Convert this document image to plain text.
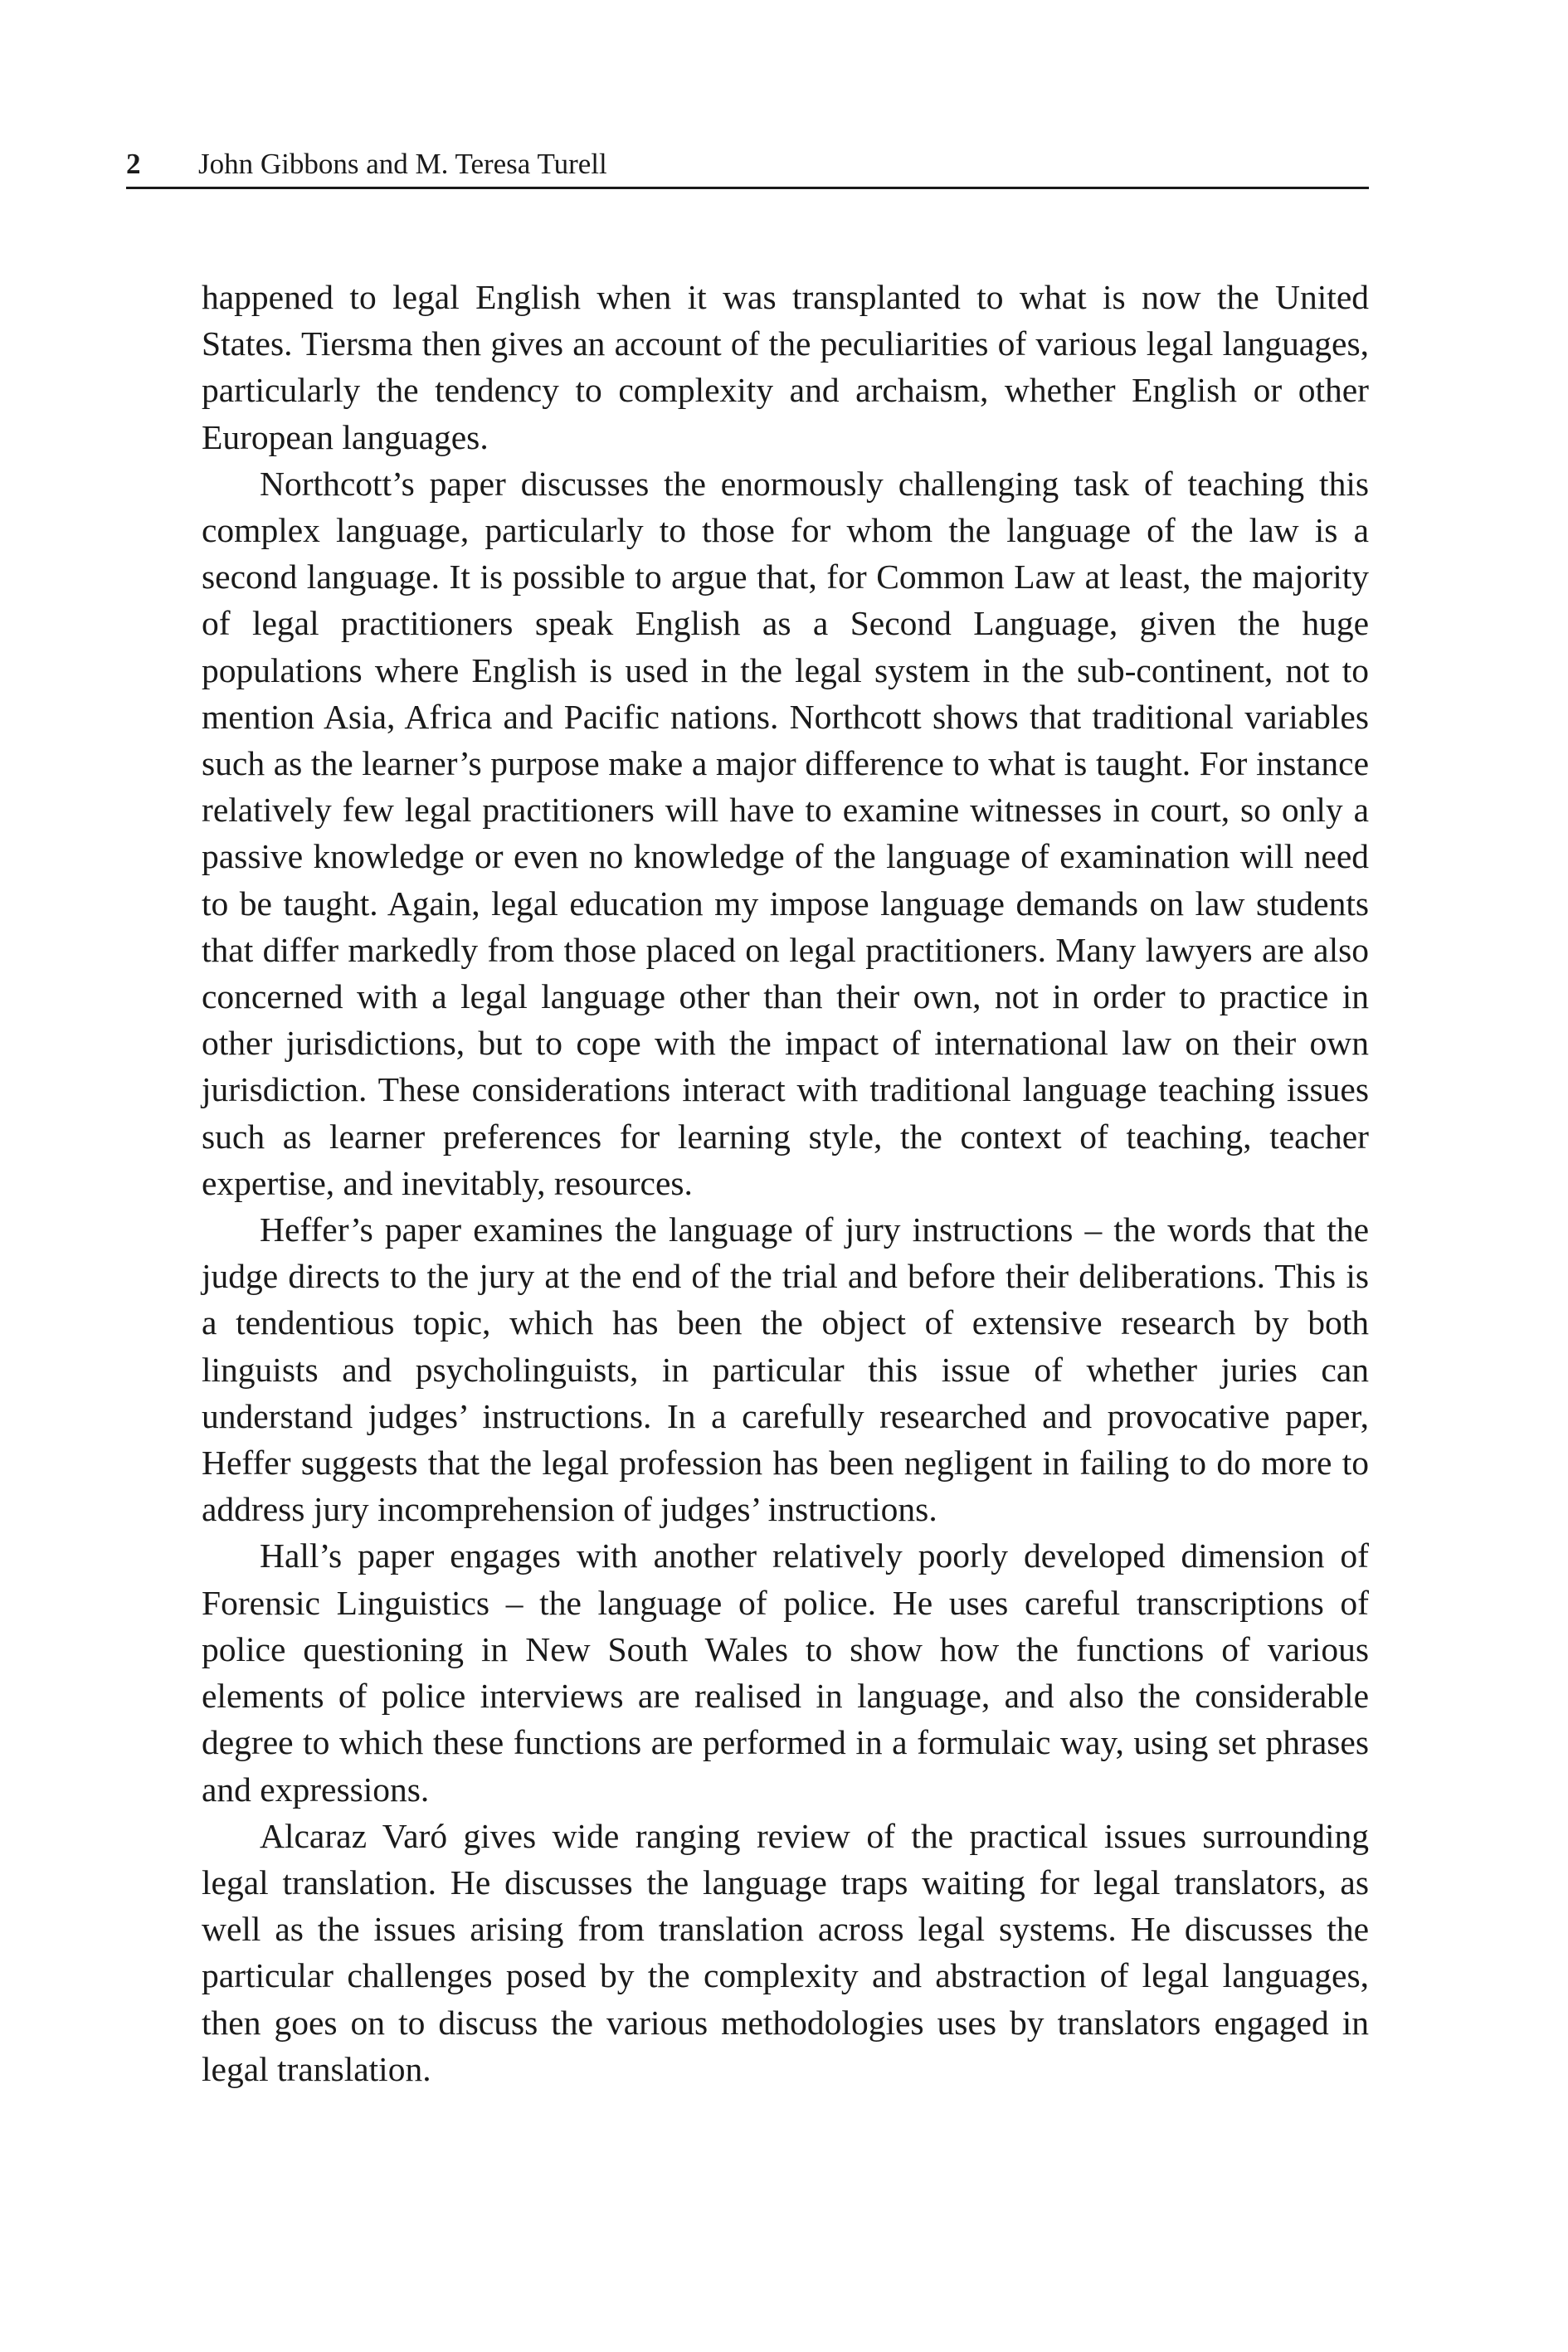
2 John Gibbons and M. Teresa Turell

happened to legal English when it was transplanted to what is now the United States. Tiersma then gives an account of the peculiarities of various legal languages, particularly the tendency to complexity and archaism, whether English or other European languages.

Northcott’s paper discusses the enormously challenging task of teaching this complex language, particularly to those for whom the language of the law is a second language. It is possible to argue that, for Common Law at least, the majority of legal practitioners speak English as a Second Language, given the huge populations where English is used in the legal system in the sub-continent, not to mention Asia, Africa and Pacific nations. Northcott shows that traditional variables such as the learner’s purpose make a major difference to what is taught. For instance relatively few legal practitioners will have to examine witnesses in court, so only a passive knowledge or even no knowledge of the language of examination will need to be taught. Again, legal education my impose language demands on law students that differ markedly from those placed on legal practitioners. Many lawyers are also concerned with a legal language other than their own, not in order to practice in other jurisdictions, but to cope with the impact of international law on their own jurisdiction. These considerations interact with traditional language teaching issues such as learner preferences for learning style, the context of teaching, teacher expertise, and inevitably, resources.

Heffer’s paper examines the language of jury instructions – the words that the judge directs to the jury at the end of the trial and before their deliberations. This is a tendentious topic, which has been the object of extensive research by both linguists and psycholinguists, in particular this issue of whether juries can understand judges’ instructions. In a carefully researched and provocative paper, Heffer suggests that the legal profession has been negligent in failing to do more to address jury incomprehension of judges’ instructions.

Hall’s paper engages with another relatively poorly developed dimension of Forensic Linguistics – the language of police. He uses careful transcriptions of police questioning in New South Wales to show how the functions of various elements of police interviews are realised in language, and also the considerable degree to which these functions are performed in a formulaic way, using set phrases and expressions.

Alcaraz Varó gives wide ranging review of the practical issues surrounding legal translation. He discusses the language traps waiting for legal translators, as well as the issues arising from translation across legal systems. He discusses the particular challenges posed by the complexity and abstraction of legal languages, then goes on to discuss the various methodologies uses by translators engaged in legal translation.
